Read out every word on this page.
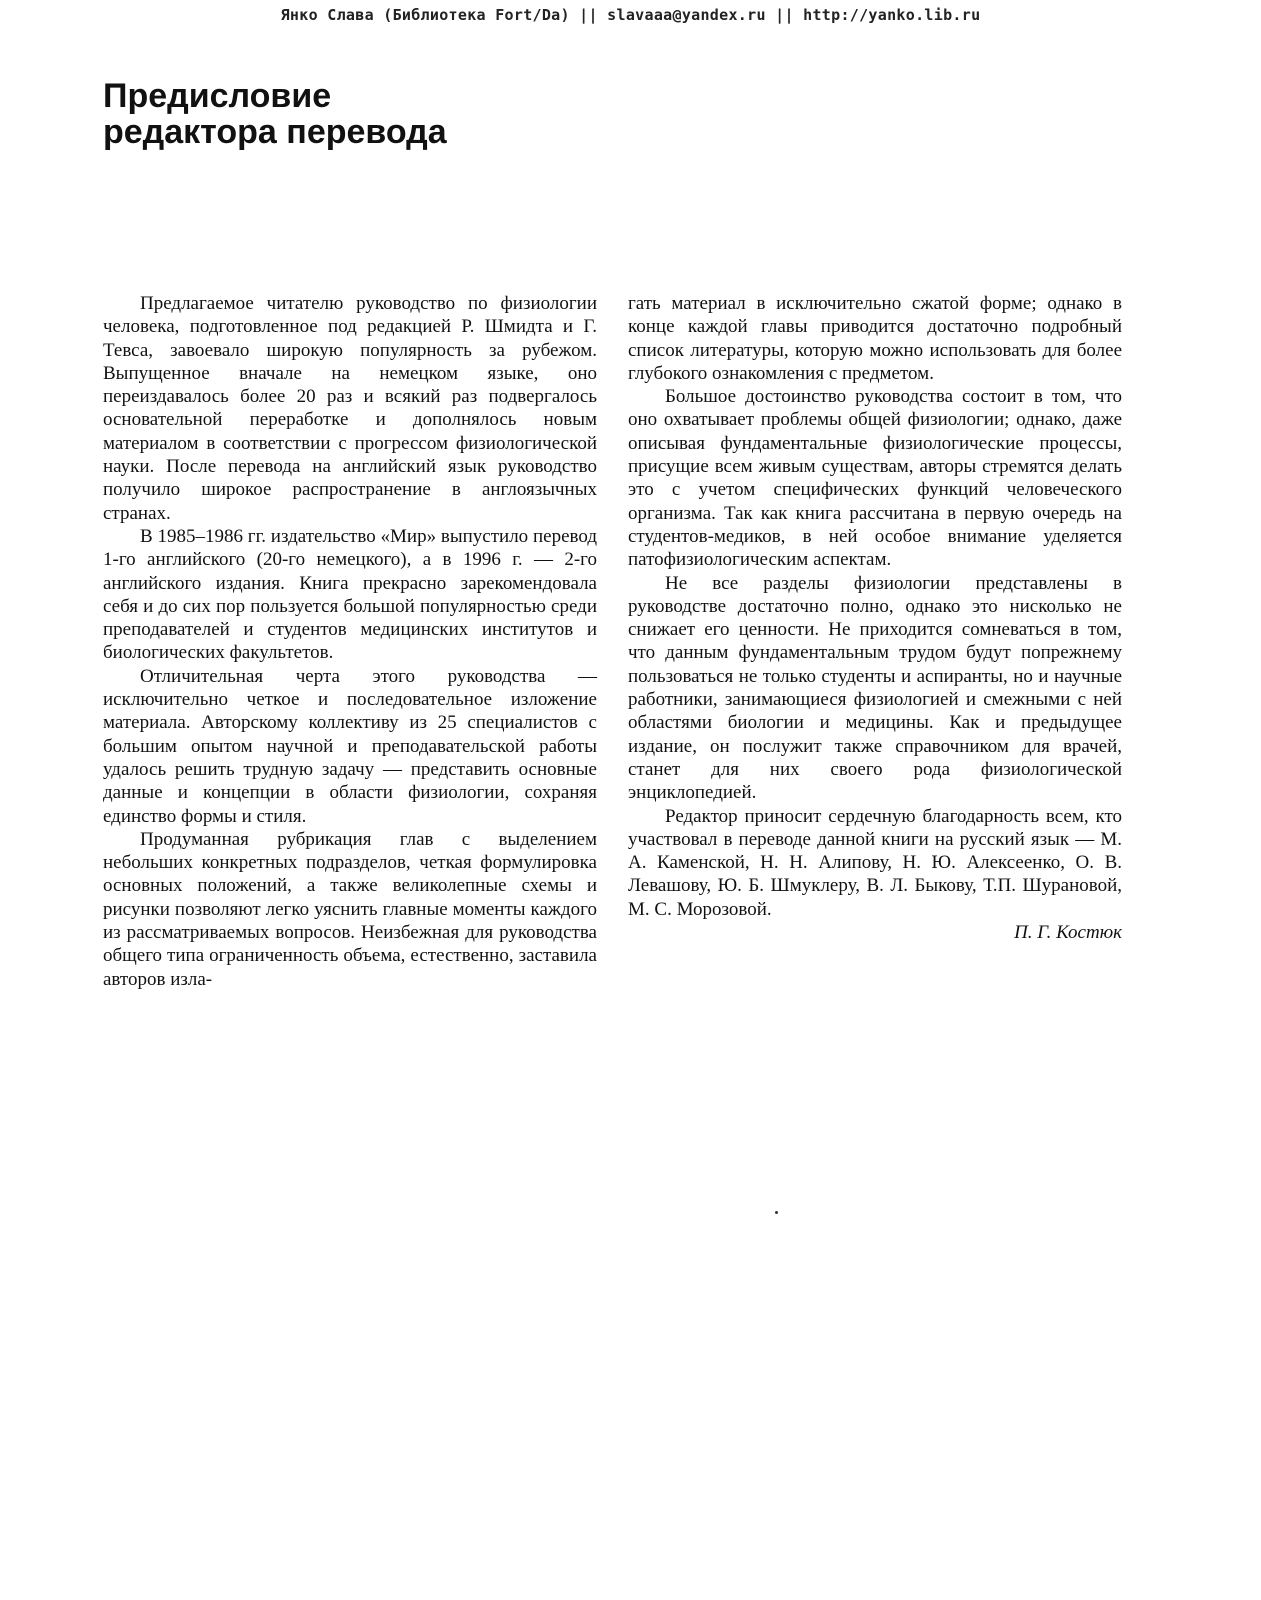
Янко Слава (Библиотека Fort/Da) || slavaaa@yandex.ru || http://yanko.lib.ru
Предисловие
редактора перевода

Предлагаемое читателю руководство по физиологии человека, подготовленное под редакцией Р. Шмидта и Г. Тевса, завоевало широкую популярность за рубежом. Выпущенное вначале на немецком языке, оно переиздавалось более 20 раз и всякий раз подвергалось основательной переработке и дополнялось новым материалом в соответствии с прогрессом физиологической науки. После перевода на английский язык руководство получило широкое распространение в англоязычных странах.

В 1985–1986 гг. издательство «Мир» выпустило перевод 1-го английского (20-го немецкого), а в 1996 г. — 2-го английского издания. Книга прекрасно зарекомендовала себя и до сих пор пользуется большой популярностью среди преподавателей и студентов медицинских институтов и биологических факультетов.

Отличительная черта этого руководства — исключительно четкое и последовательное изложение материала. Авторскому коллективу из 25 специалистов с большим опытом научной и преподавательской работы удалось решить трудную задачу — представить основные данные и концепции в области физиологии, сохраняя единство формы и стиля.

Продуманная рубрикация глав с выделением небольших конкретных подразделов, четкая формулировка основных положений, а также великолепные схемы и рисунки позволяют легко уяснить главные моменты каждого из рассматриваемых вопросов. Неизбежная для руководства общего типа ограниченность объема, естественно, заставила авторов изла-

гать материал в исключительно сжатой форме; однако в конце каждой главы приводится достаточно подробный список литературы, которую можно использовать для более глубокого ознакомления с предметом.

Большое достоинство руководства состоит в том, что оно охватывает проблемы общей физиологии; однако, даже описывая фундаментальные физиологические процессы, присущие всем живым существам, авторы стремятся делать это с учетом специфических функций человеческого организма. Так как книга рассчитана в первую очередь на студентов-медиков, в ней особое внимание уделяется патофизиологическим аспектам.

Не все разделы физиологии представлены в руководстве достаточно полно, однако это нисколько не снижает его ценности. Не приходится сомневаться в том, что данным фундаментальным трудом будут попрежнему пользоваться не только студенты и аспиранты, но и научные работники, занимающиеся физиологией и смежными с ней областями биологии и медицины. Как и предыдущее издание, он послужит также справочником для врачей, станет для них своего рода физиологической энциклопедией.

Редактор приносит сердечную благодарность всем, кто участвовал в переводе данной книги на русский язык — М. А. Каменской, Н. Н. Алипову, Н. Ю. Алексеенко, О. В. Левашову, Ю. Б. Шмуклеру, В. Л. Быкову, Т.П. Шурановой, М. С. Морозовой.

П. Г. Костюк
